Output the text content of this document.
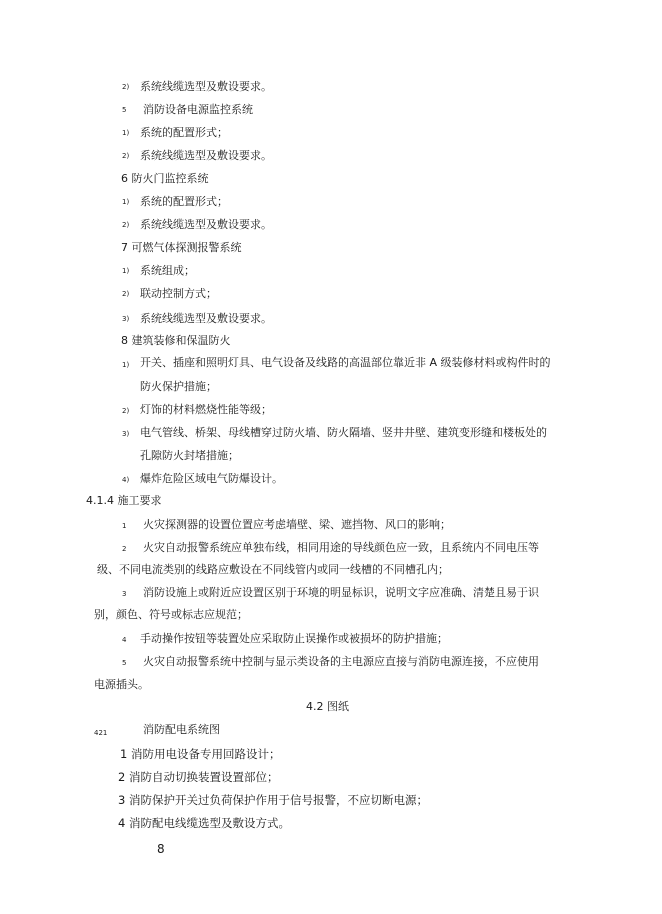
2) 系统线缆选型及敷设要求。
5 消防设备电源监控系统
1) 系统的配置形式；
2) 系统线缆选型及敷设要求。
6 防火门监控系统
1) 系统的配置形式；
2) 系统线缆选型及敷设要求。
7 可燃气体探测报警系统
1) 系统组成；
2) 联动控制方式；
3) 系统线缆选型及敷设要求。
8 建筑装修和保温防火
1) 开关、插座和照明灯具、电气设备及线路的高温部位靠近非 A 级装修材料或构件时的
防火保护措施；
2) 灯饰的材料燃烧性能等级；
3) 电气管线、桥架、母线槽穿过防火墙、防火隔墙、竖井井壁、建筑变形缝和楼板处的
孔隙防火封堵措施；
4) 爆炸危险区域电气防爆设计。
4.1.4 施工要求
1 火灾探测器的设置位置应考虑墙壁、梁、遮挡物、风口的影响；
2 火灾自动报警系统应单独布线，相同用途的导线颜色应一致，且系统内不同电压等
级、不同电流类别的线路应敷设在不同线管内或同一线槽的不同槽孔内；
3 消防设施上或附近应设置区别于环境的明显标识，说明文字应准确、清楚且易于识
别，颜色、符号或标志应规范；
4 手动操作按钮等装置处应采取防止误操作或被损坏的防护措施；
5 火灾自动报警系统中控制与显示类设备的主电源应直接与消防电源连接，不应使用
电源插头。
4.2 图纸
421	消防配电系统图
1 消防用电设备专用回路设计；
2 消防自动切换装置设置部位；
3 消防保护开关过负荷保护作用于信号报警，不应切断电源；
4 消防配电线缆选型及敷设方式。
8
